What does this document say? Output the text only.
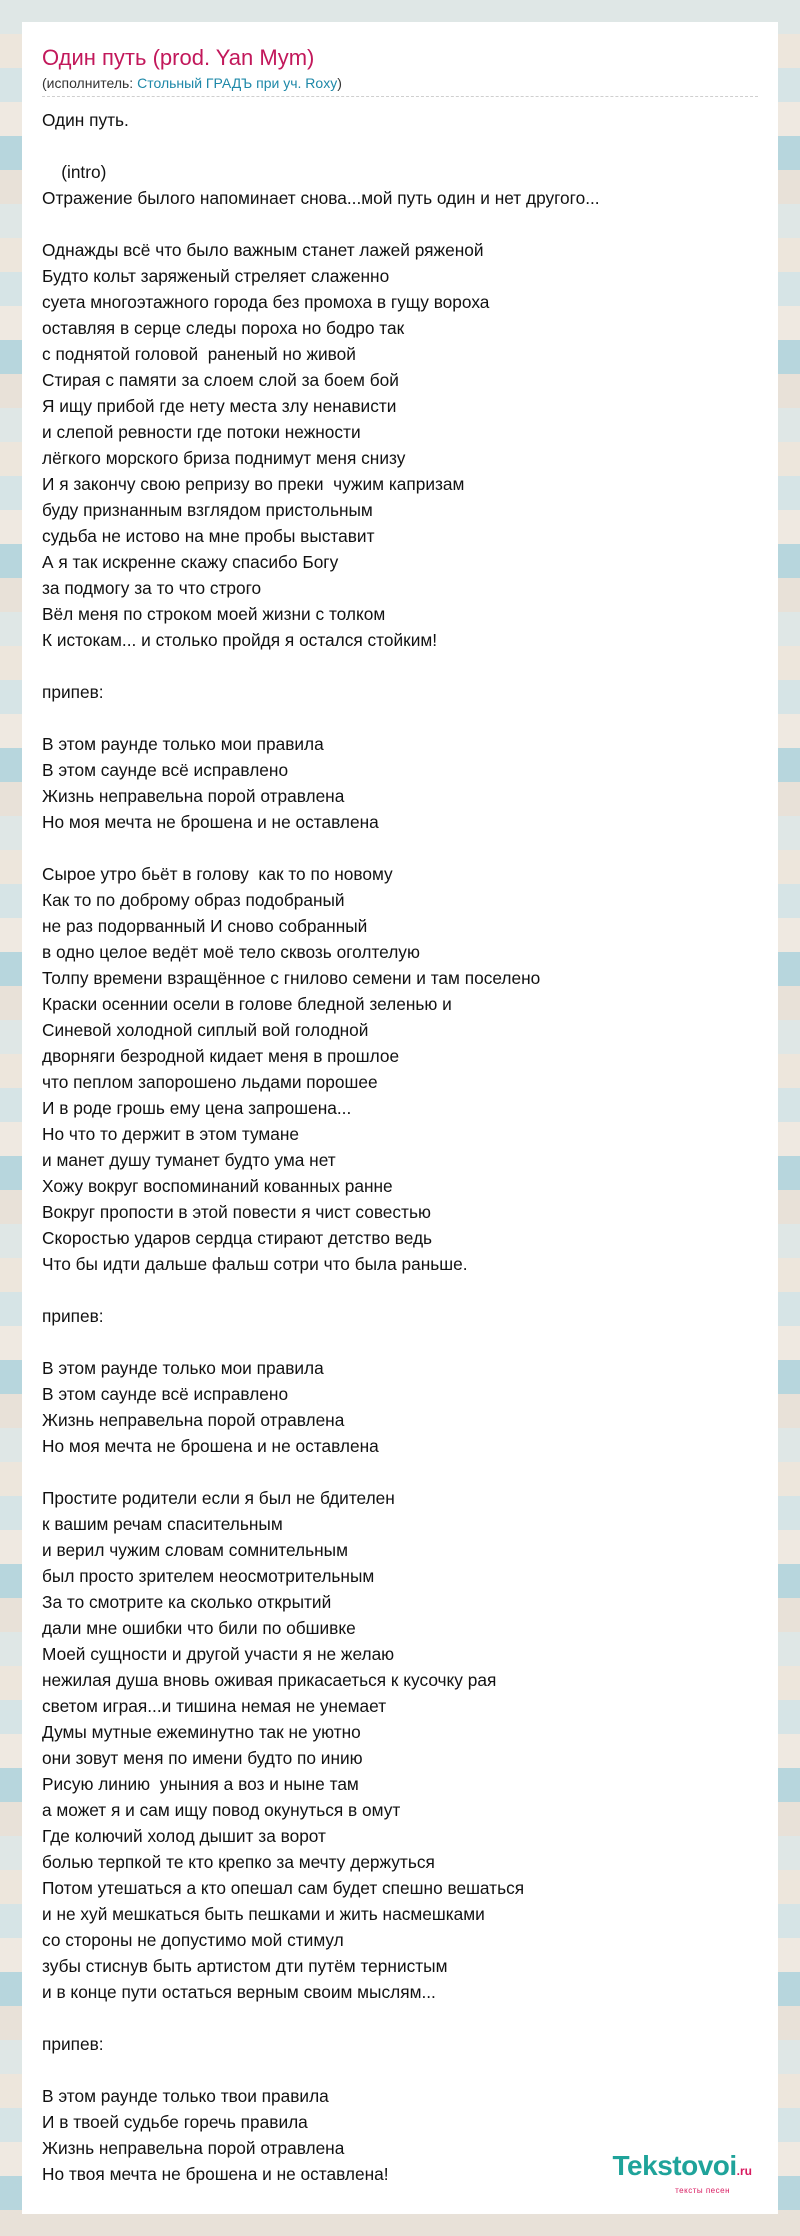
Один путь (prod. Yan Mym)
(исполнитель: Стольный ГРАДЪ при уч. Roxy)
Один путь.

(intro)
Отражение былого напоминает снова...мой путь один и нет другого...

Однажды всё что было важным станет лажей ряженой
Будто кольт заряженый стреляет слаженно
суета многоэтажного города без промоха в гущу вороха
оставляя в серце следы пороха но бодро так
с поднятой головой  раненый но живой
Стирая с памяти за слоем слой за боем бой
Я ищу прибой где нету места злу ненависти
и слепой ревности где потоки нежности
лёгкого морского бриза поднимут меня снизу
И я закончу свою репризу во преки  чужим капризам
буду признанным взглядом пристольным
судьба не истово на мне пробы выставит
А я так искренне скажу спасибо Богу
за подмогу за то что строго
Вёл меня по строком моей жизни с толком
К истокам... и столько пройдя я остался стойким!

припев:

В этом раунде только мои правила
В этом саунде всё исправлено
Жизнь неправельна порой отравлена
Но моя мечта не брошена и не оставлена

Сырое утро бьёт в голову  как то по новому
Как то по доброму образ подобраный
не раз подорванный И сново собранный
в одно целое ведёт моё тело сквозь оголтелую
Толпу времени взращённое с гнилово семени и там поселено
Краски осеннии осели в голове бледной зеленью и
Синевой холодной сиплый вой голодной
дворняги безродной кидает меня в прошлое
что пеплом запорошено льдами порошее
И в роде грошь ему цена запрошена...
Но что то держит в этом тумане
и манет душу туманет будто ума нет
Хожу вокруг воспоминаний кованных ранне
Вокруг пропости в этой повести я чист совестью
Скоростью ударов сердца стирают детство ведь
Что бы идти дальше фальш сотри что была раньше.

припев:

В этом раунде только мои правила
В этом саунде всё исправлено
Жизнь неправельна порой отравлена
Но моя мечта не брошена и не оставлена

Простите родители если я был не бдителен
к вашим речам спасительным
и верил чужим словам сомнительным
был просто зрителем неосмотрительным
За то смотрите ка сколько открытий
дали мне ошибки что били по обшивке
Моей сущности и другой участи я не желаю
нежилая душа вновь оживая прикасаеться к кусочку рая
светом играя...и тишина немая не унемает
Думы мутные ежеминутно так не уютно
они зовут меня по имени будто по инию
Рисую линию  уныния а воз и ныне там
а может я и сам ищу повод окунуться в омут
Где колючий холод дышит за ворот
болью терпкой те кто крепко за мечту держуться
Потом утешаться а кто опешал сам будет спешно вешаться
и не хуй мешкаться быть пешками и жить насмешками
со стороны не допустимо мой стимул
зубы стиснув быть артистом дти путём тернистым
и в конце пути остаться верным своим мыслям...

припев:

В этом раунде только твои правила
И в твоей судьбе горечь правила
Жизнь неправельна порой отравлена
Но твоя мечта не брошена и не оставлена!	Tekstovoi.ru
тексты песен
